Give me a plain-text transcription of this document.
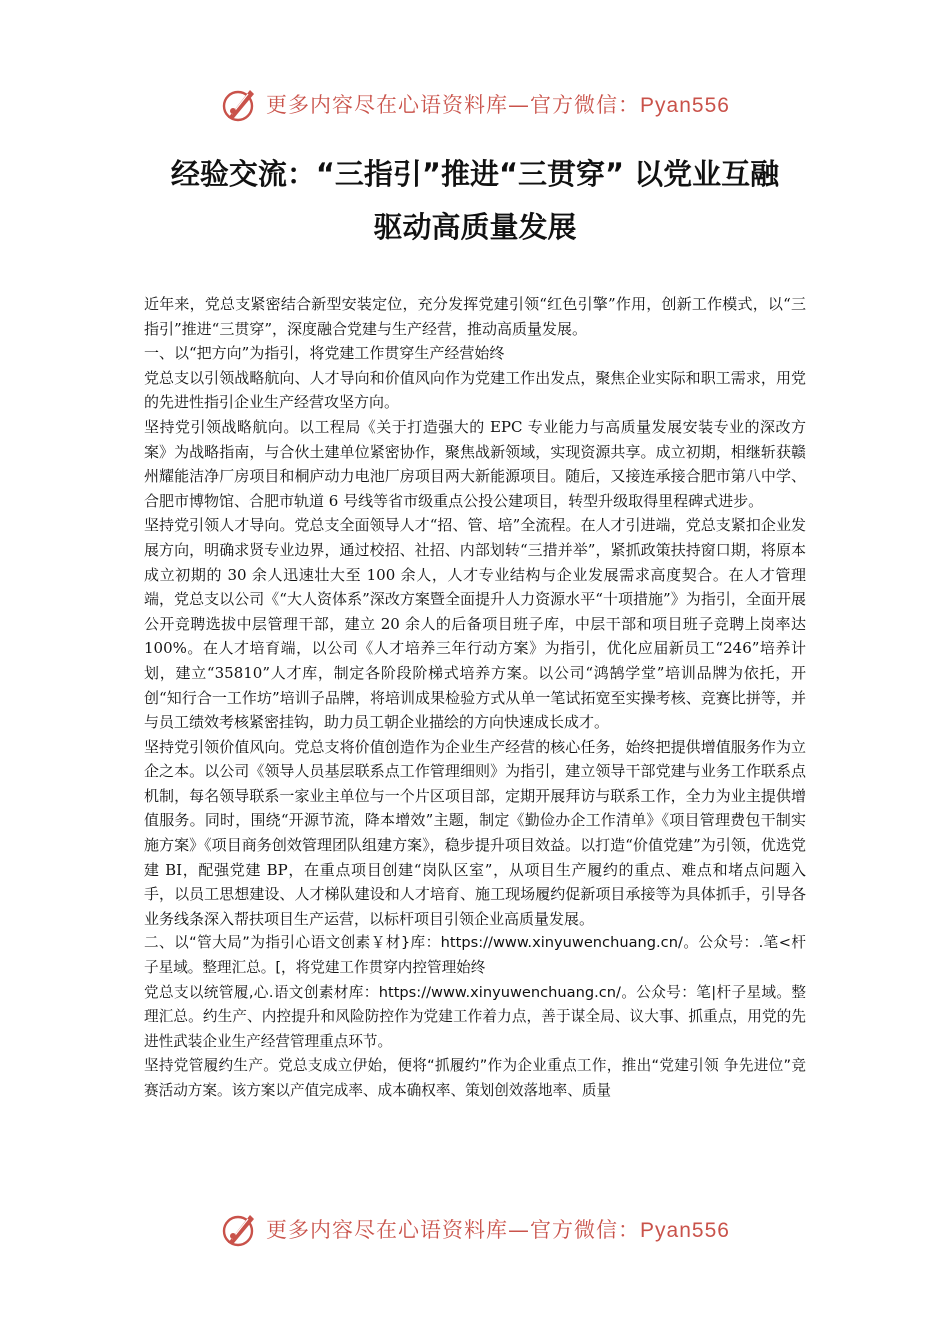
更多内容尽在心语资料库—官方微信：Pyan556
经验交流：“三指引”推进“三贯穿” 以党业互融
驱动高质量发展

近年来，党总支紧密结合新型安装定位，充分发挥党建引领“红色引擎”作用，创新工作模式，以“三指引”推进“三贯穿”，深度融合党建与生产经营，推动高质量发展。

一、以“把方向”为指引，将党建工作贯穿生产经营始终

党总支以引领战略航向、人才导向和价值风向作为党建工作出发点，聚焦企业实际和职工需求，用党的先进性指引企业生产经营攻坚方向。

坚持党引领战略航向。以工程局《关于打造强大的 EPC 专业能力与高质量发展安装专业的深改方案》为战略指南，与合伙土建单位紧密协作，聚焦战新领域，实现资源共享。成立初期，相继斩获赣州耀能洁净厂房项目和桐庐动力电池厂房项目两大新能源项目。随后，又接连承接合肥市第八中学、合肥市博物馆、合肥市轨道 6 号线等省市级重点公投公建项目，转型升级取得里程碑式进步。

坚持党引领人才导向。党总支全面领导人才“招、管、培”全流程。在人才引进端，党总支紧扣企业发展方向，明确求贤专业边界，通过校招、社招、内部划转“三措并举”，紧抓政策扶持窗口期，将原本成立初期的 30 余人迅速壮大至 100 余人，人才专业结构与企业发展需求高度契合。在人才管理端，党总支以公司《“大人资体系”深改方案暨全面提升人力资源水平“十项措施”》为指引，全面开展公开竞聘选拔中层管理干部，建立 20 余人的后备项目班子库，中层干部和项目班子竞聘上岗率达 100%。在人才培育端，以公司《人才培养三年行动方案》为指引，优化应届新员工“246”培养计划，建立“35810”人才库，制定各阶段阶梯式培养方案。以公司“鸿鹄学堂”培训品牌为依托，开创“知行合一工作坊”培训子品牌，将培训成果检验方式从单一笔试拓宽至实操考核、竞赛比拼等，并与员工绩效考核紧密挂钩，助力员工朝企业描绘的方向快速成长成才。

坚持党引领价值风向。党总支将价值创造作为企业生产经营的核心任务，始终把提供增值服务作为立企之本。以公司《领导人员基层联系点工作管理细则》为指引，建立领导干部党建与业务工作联系点机制，每名领导联系一家业主单位与一个片区项目部，定期开展拜访与联系工作，全力为业主提供增值服务。同时，围绕“开源节流，降本增效”主题，制定《勤俭办企工作清单》《项目管理费包干制实施方案》《项目商务创效管理团队组建方案》，稳步提升项目效益。以打造“价值党建”为引领，优选党建 BI，配强党建 BP，在重点项目创建“岗队区室”，从项目生产履约的重点、难点和堵点问题入手，以员工思想建设、人才梯队建设和人才培育、施工现场履约促新项目承接等为具体抓手，引导各业务线条深入帮扶项目生产运营，以标杆项目引领企业高质量发展。

二、以“管大局”为指引心语文创素￥材}库：https://www.xinyuwenchuang.cn/。公众号：.笔<杆子星域。整理汇总。[，将党建工作贯穿内控管理始终

党总支以统管履,心.语文创素材库：https://www.xinyuwenchuang.cn/。公众号：笔|杆子星域。整理汇总。约生产、内控提升和风险防控作为党建工作着力点，善于谋全局、议大事、抓重点，用党的先进性武装企业生产经营管理重点环节。

坚持党管履约生产。党总支成立伊始，便将“抓履约”作为企业重点工作，推出“党建引领 争先进位”竞赛活动方案。该方案以产值完成率、成本确权率、策划创效落地率、质量

更多内容尽在心语资料库—官方微信：Pyan556
